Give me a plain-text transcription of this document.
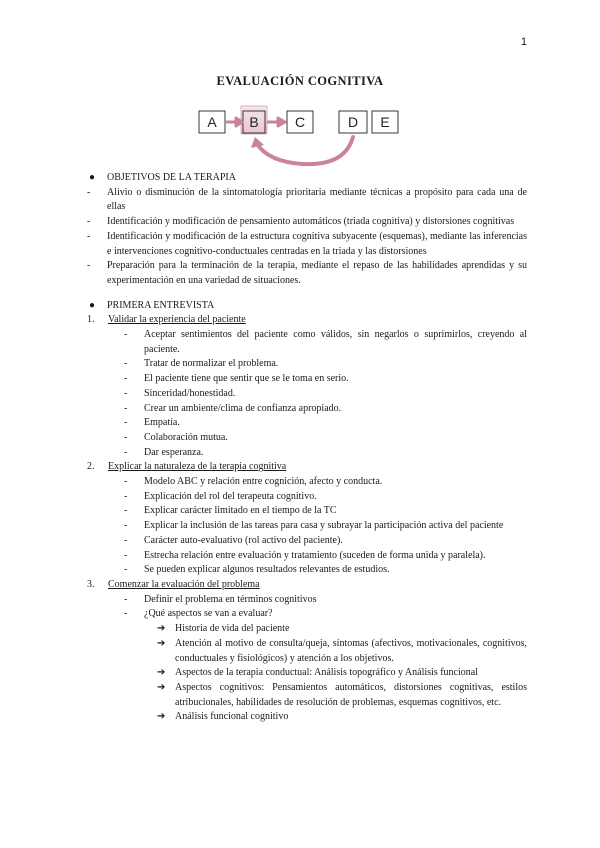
1
EVALUACIÓN COGNITIVA
A B	C	D E
●	OBJETIVOS DE LA TERAPIA
-	Alivio o disminución de la sintomatología prioritaria mediante técnicas a propósito para cada una de ellas
-	Identificación y modificación de pensamiento automáticos (triada cognitiva) y distorsiones cognitivas
-	Identificación y modificación de la estructura cognitiva subyacente (esquemas), mediante las inferencias e intervenciones cognitivo-conductuales centradas en la triada y las distorsiones
-	Preparación para la terminación de la terapia, mediante el repaso de las habilidades aprendidas y su experimentación en una variedad de situaciones.
●	PRIMERA ENTREVISTA
1.	Validar la experiencia del paciente
-	Aceptar sentimientos del paciente como válidos, sin negarlos o suprimirlos, creyendo al paciente.
-	Tratar de normalizar el problema.
-	El paciente tiene que sentir que se le toma en serio.
-	Sinceridad/honestidad.
-	Crear un ambiente/clima de confianza apropiado.
-	Empatía.
-	Colaboración mutua.
-	Dar esperanza.
2.	Explicar la naturaleza de la terapia cognitiva
-	Modelo ABC y relación entre cognición, afecto y conducta.
-	Explicación del rol del terapeuta cognitivo.
-	Explicar carácter limitado en el tiempo de la TC
-	Explicar la inclusión de las tareas para casa y subrayar la participación activa del paciente
-	Carácter auto-evaluativo (rol activo del paciente).
-	Estrecha relación entre evaluación y tratamiento (suceden de forma unida y paralela).
-	Se pueden explicar algunos resultados relevantes de estudios.
3.	Comenzar la evaluación del problema
-	Definir el problema en términos cognitivos
-	¿Qué aspectos se van a evaluar?
➔ Historia de vida del paciente
➔ Atención al motivo de consulta/queja, síntomas (afectivos, motivacionales, cognitivos, conductuales y fisiológicos) y atención a los objetivos.
➔ Aspectos de la terapia conductual: Análisis topográfico y Análisis funcional
➔ Aspectos cognitivos: Pensamientos automáticos, distorsiones cognitivas, estilos atribucionales, habilidades de resolución de problemas, esquemas cognitivos, etc.
➔ Análisis funcional cognitivo
